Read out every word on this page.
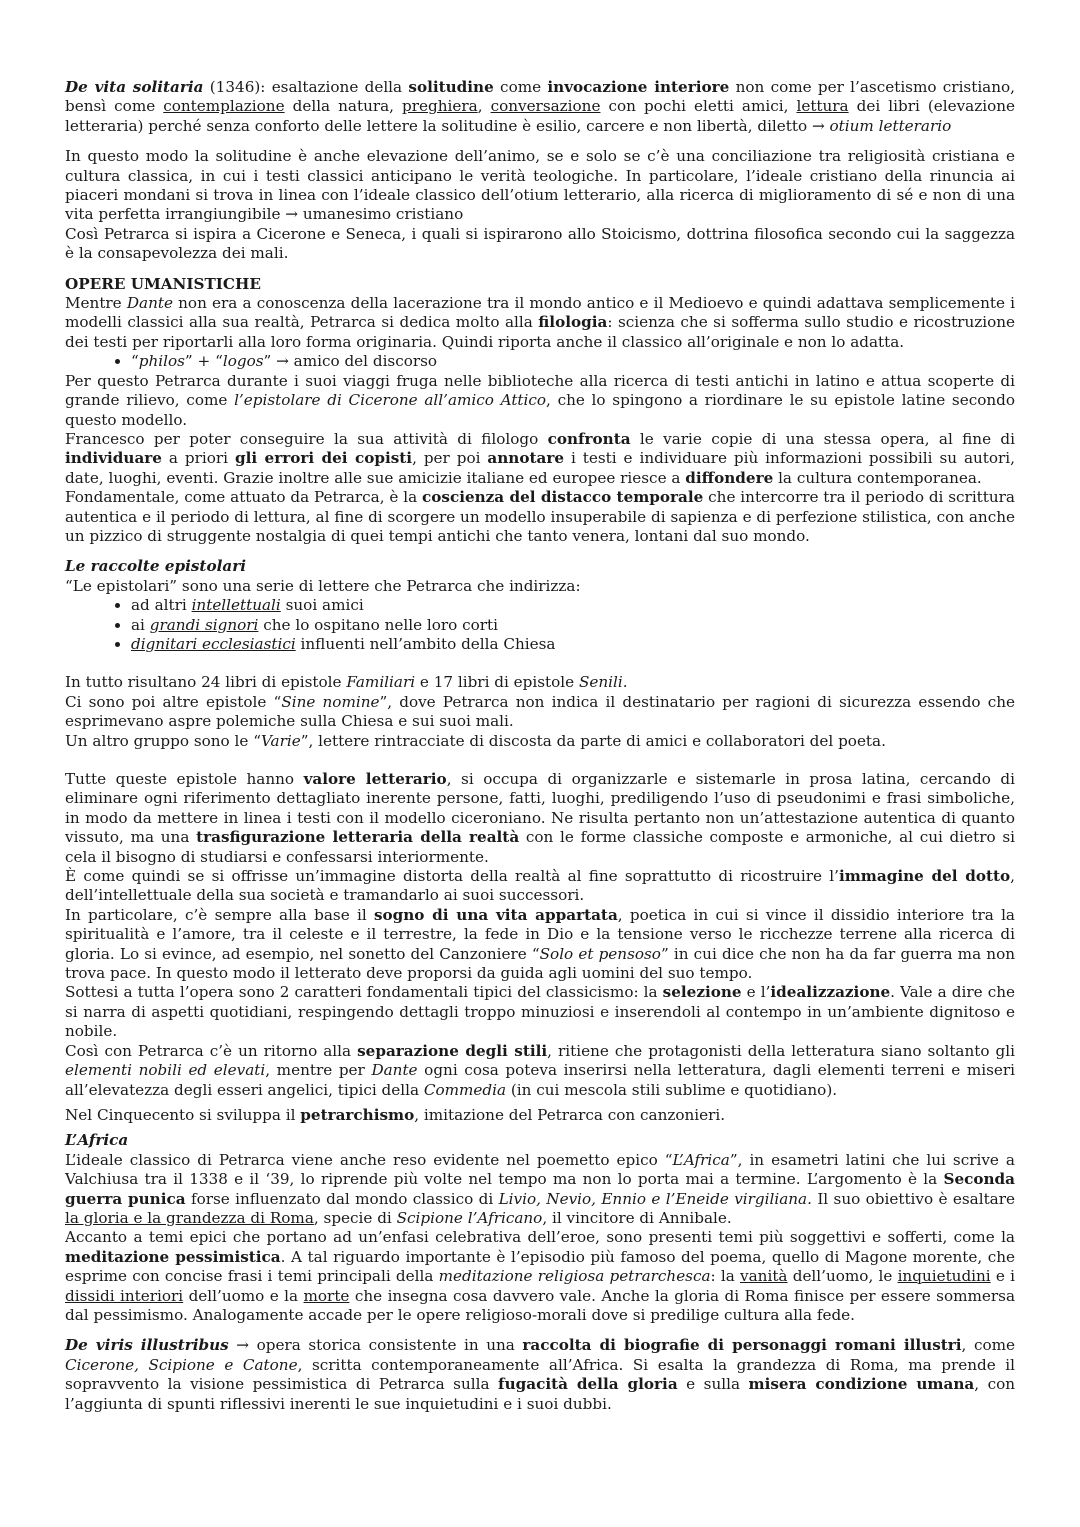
De vita solitaria (1346): esaltazione della solitudine come invocazione interiore non come per l’ascetismo cristiano, bensì come contemplazione della natura, preghiera, conversazione con pochi eletti amici, lettura dei libri (elevazione letteraria) perché senza conforto delle lettere la solitudine è esilio, carcere e non libertà, diletto → otium letterario

In questo modo la solitudine è anche elevazione dell’animo, se e solo se c’è una conciliazione tra religiosità cristiana e cultura classica, in cui i testi classici anticipano le verità teologiche. In particolare, l’ideale cristiano della rinuncia ai piaceri mondani si trova in linea con l’ideale classico dell’otium letterario, alla ricerca di miglioramento di sé e non di una vita perfetta irrangiungibile → umanesimo cristiano

Così Petrarca si ispira a Cicerone e Seneca, i quali si ispirarono allo Stoicismo, dottrina filosofica secondo cui la saggezza è la consapevolezza dei mali.

OPERE UMANISTICHE

Mentre Dante non era a conoscenza della lacerazione tra il mondo antico e il Medioevo e quindi adattava semplicemente i modelli classici alla sua realtà, Petrarca si dedica molto alla filologia: scienza che si sofferma sullo studio e ricostruzione dei testi per riportarli alla loro forma originaria. Quindi riporta anche il classico all’originale e non lo adatta.

• “philos” + “logos” → amico del discorso

Per questo Petrarca durante i suoi viaggi fruga nelle biblioteche alla ricerca di testi antichi in latino e attua scoperte di grande rilievo, come l’epistolare di Cicerone all’amico Attico, che lo spingono a riordinare le su epistole latine secondo questo modello.

Francesco per poter conseguire la sua attività di filologo confronta le varie copie di una stessa opera, al fine di individuare a priori gli errori dei copisti, per poi annotare i testi e individuare più informazioni possibili su autori, date, luoghi, eventi. Grazie inoltre alle sue amicizie italiane ed europee riesce a diffondere la cultura contemporanea.

Fondamentale, come attuato da Petrarca, è la coscienza del distacco temporale che intercorre tra il periodo di scrittura autentica e il periodo di lettura, al fine di scorgere un modello insuperabile di sapienza e di perfezione stilistica, con anche un pizzico di struggente nostalgia di quei tempi antichi che tanto venera, lontani dal suo mondo.

Le raccolte epistolari

“Le epistolari” sono una serie di lettere che Petrarca che indirizza:

• ad altri intellettuali suoi amici
• ai grandi signori che lo ospitano nelle loro corti
• dignitari ecclesiastici influenti nell’ambito della Chiesa

In tutto risultano 24 libri di epistole Familiari e 17 libri di epistole Senili.

Ci sono poi altre epistole “Sine nomine”, dove Petrarca non indica il destinatario per ragioni di sicurezza essendo che esprimevano aspre polemiche sulla Chiesa e sui suoi mali.

Un altro gruppo sono le “Varie”, lettere rintracciate di discosta da parte di amici e collaboratori del poeta.

Tutte queste epistole hanno valore letterario, si occupa di organizzarle e sistemarle in prosa latina, cercando di eliminare ogni riferimento dettagliato inerente persone, fatti, luoghi, prediligendo l’uso di pseudonimi e frasi simboliche, in modo da mettere in linea i testi con il modello ciceroniano. Ne risulta pertanto non un’attestazione autentica di quanto vissuto, ma una trasfigurazione letteraria della realtà con le forme classiche composte e armoniche, al cui dietro si cela il bisogno di studiarsi e confessarsi interiormente.

È come quindi se si offrisse un’immagine distorta della realtà al fine soprattutto di ricostruire l’immagine del dotto, dell’intellettuale della sua società e tramandarlo ai suoi successori.

In particolare, c’è sempre alla base il sogno di una vita appartata, poetica in cui si vince il dissidio interiore tra la spiritualità e l’amore, tra il celeste e il terrestre, la fede in Dio e la tensione verso le ricchezze terrene alla ricerca di gloria. Lo si evince, ad esempio, nel sonetto del Canzoniere “Solo et pensoso” in cui dice che non ha da far guerra ma non trova pace. In questo modo il letterato deve proporsi da guida agli uomini del suo tempo.

Sottesi a tutta l’opera sono 2 caratteri fondamentali tipici del classicismo: la selezione e l’idealizzazione. Vale a dire che si narra di aspetti quotidiani, respingendo dettagli troppo minuziosi e inserendoli al contempo in un’ambiente dignitoso e nobile.

Così con Petrarca c’è un ritorno alla separazione degli stili, ritiene che protagonisti della letteratura siano soltanto gli elementi nobili ed elevati, mentre per Dante ogni cosa poteva inserirsi nella letteratura, dagli elementi terreni e miseri all’elevatezza degli esseri angelici, tipici della Commedia (in cui mescola stili sublime e quotidiano).

Nel Cinquecento si sviluppa il petrarchismo, imitazione del Petrarca con canzonieri.

L’Africa

L’ideale classico di Petrarca viene anche reso evidente nel poemetto epico “L’Africa”, in esametri latini che lui scrive a Valchiusa tra il 1338 e il ‘39, lo riprende più volte nel tempo ma non lo porta mai a termine. L’argomento è la Seconda guerra punica forse influenzato dal mondo classico di Livio, Nevio, Ennio e l’Eneide virgiliana. Il suo obiettivo è esaltare la gloria e la grandezza di Roma, specie di Scipione l’Africano, il vincitore di Annibale.

Accanto a temi epici che portano ad un’enfasi celebrativa dell’eroe, sono presenti temi più soggettivi e sofferti, come la meditazione pessimistica. A tal riguardo importante è l’episodio più famoso del poema, quello di Magone morente, che esprime con concise frasi i temi principali della meditazione religiosa petrarchesca: la vanità dell’uomo, le inquietudini e i dissidi interiori dell’uomo e la morte che insegna cosa davvero vale. Anche la gloria di Roma finisce per essere sommersa dal pessimismo. Analogamente accade per le opere religioso-morali dove si predilige cultura alla fede.

De viris illustribus → opera storica consistente in una raccolta di biografie di personaggi romani illustri, come Cicerone, Scipione e Catone, scritta contemporaneamente all’Africa. Si esalta la grandezza di Roma, ma prende il sopravvento la visione pessimistica di Petrarca sulla fugacità della gloria e sulla misera condizione umana, con l’aggiunta di spunti riflessivi inerenti le sue inquietudini e i suoi dubbi.
